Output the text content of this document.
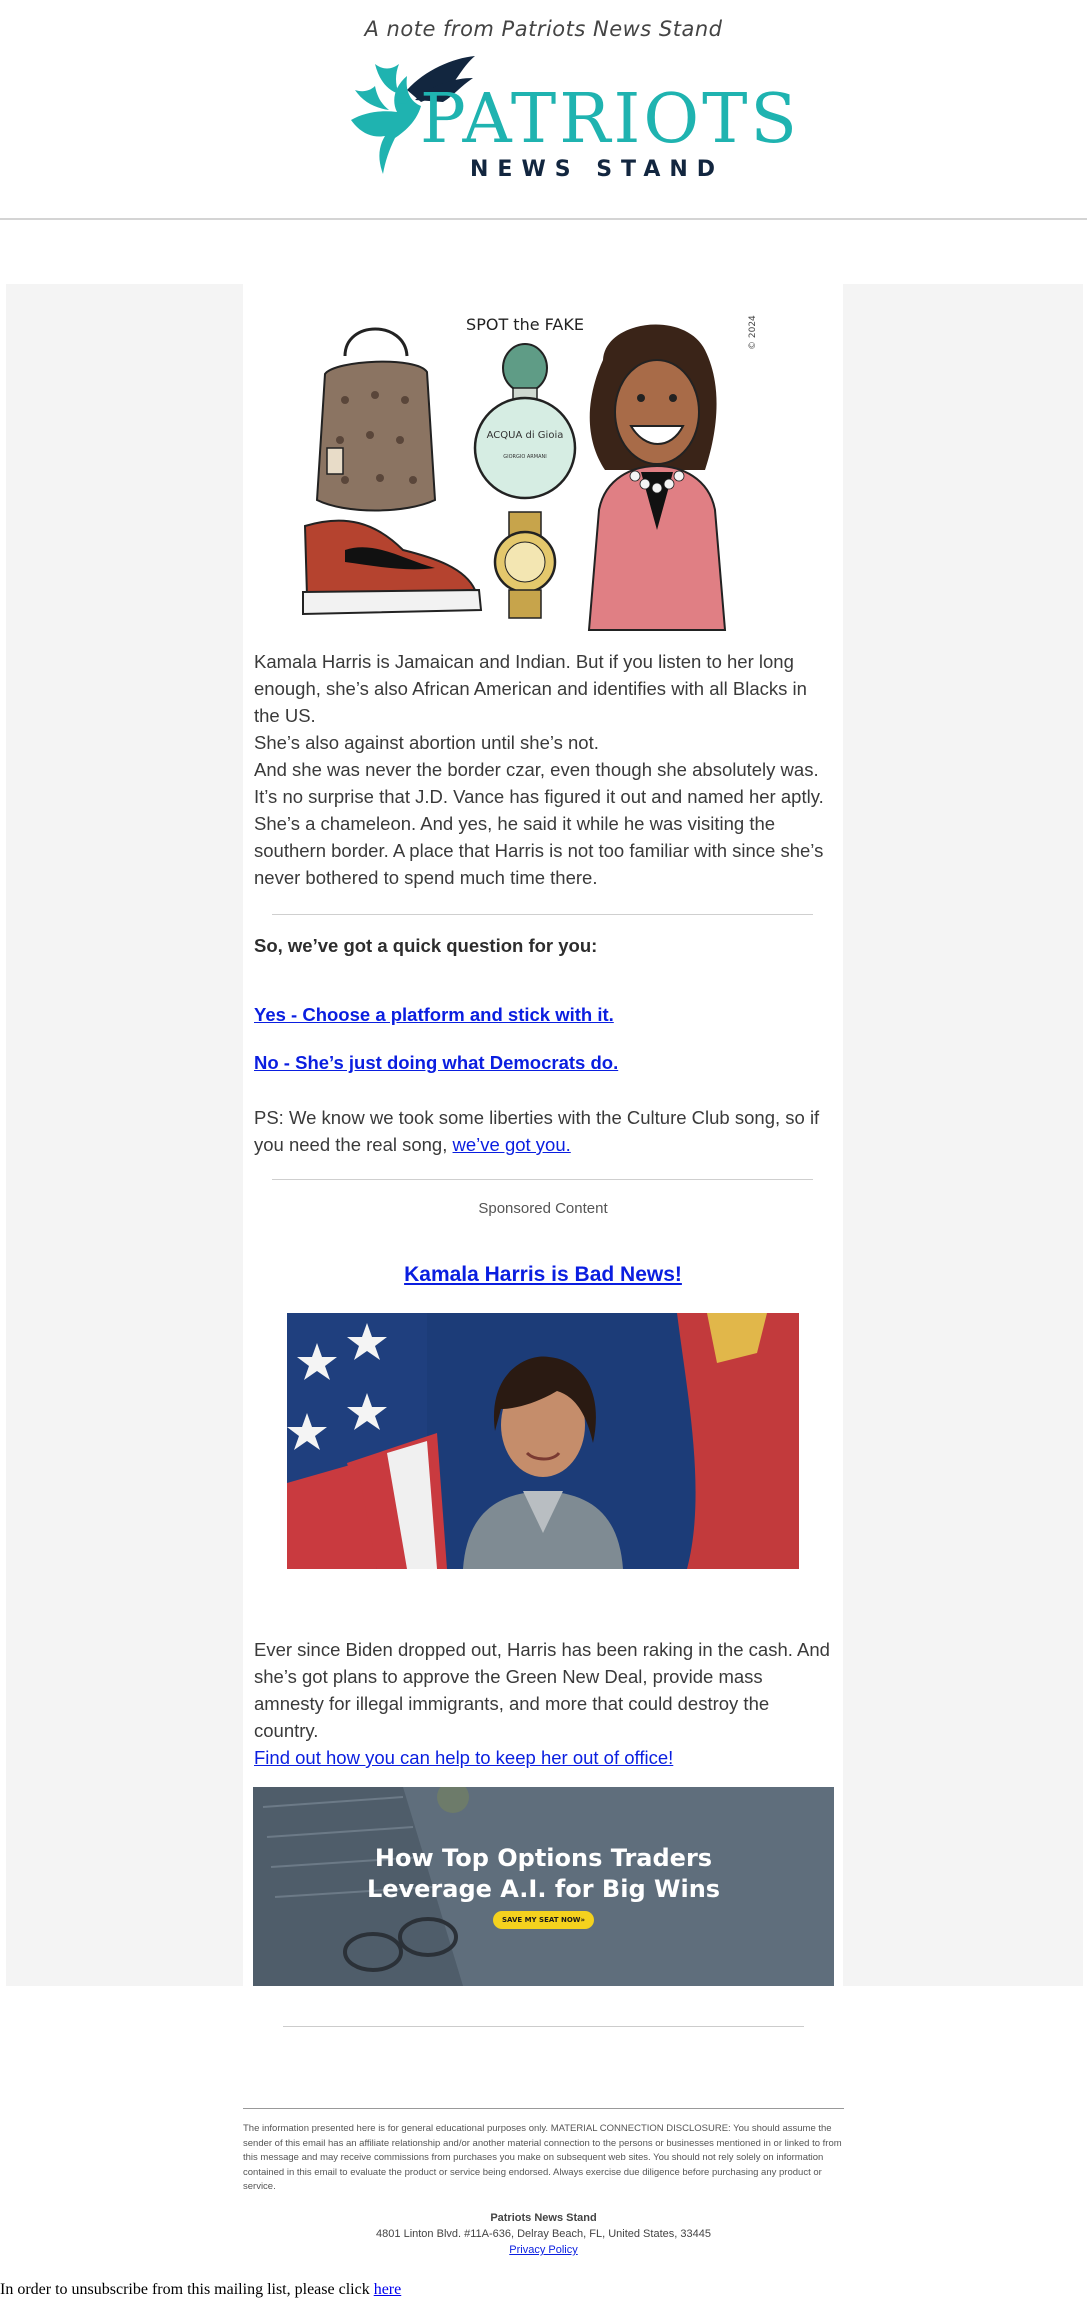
A note from Patriots News Stand
PATRIOTS
NEWS STAND
ACQUA di Gioia
GIORGIO ARMANI
SPOT the FAKE	© 2024

Kamala Harris is Jamaican and Indian. But if you listen to her long enough, she’s also African American and identifies with all Blacks in the US.

She’s also against abortion until she’s not.

And she was never the border czar, even though she absolutely was.

It’s no surprise that J.D. Vance has figured it out and named her aptly. She’s a chameleon. And yes, he said it while he was visiting the southern border. A place that Harris is not too familiar with since she’s never bothered to spend much time there.

So, we’ve got a quick question for you:
Yes - Choose a platform and stick with it.
No - She’s just doing what Democrats do.
PS: We know we took some liberties with the Culture Club song, so if you need the real song, we’ve got you.
Sponsored Content
Kamala Harris is Bad News!

Ever since Biden dropped out, Harris has been raking in the cash. And she’s got plans to approve the Green New Deal, provide mass amnesty for illegal immigrants, and more that could destroy the country.

Find out how you can help to keep her out of office!

How Top Options Traders
Leverage A.I. for Big Wins
SAVE MY SEAT NOW»
The information presented here is for general educational purposes only. MATERIAL CONNECTION DISCLOSURE: You should assume the sender of this email has an affiliate relationship and/or another material connection to the persons or businesses mentioned in or linked to from this message and may receive commissions from purchases you make on subsequent web sites. You should not rely solely on information contained in this email to evaluate the product or service being endorsed. Always exercise due diligence before purchasing any product or service.
Patriots News Stand
4801 Linton Blvd. #11A-636, Delray Beach, FL, United States, 33445
Privacy Policy
In order to unsubscribe from this mailing list, please click here
